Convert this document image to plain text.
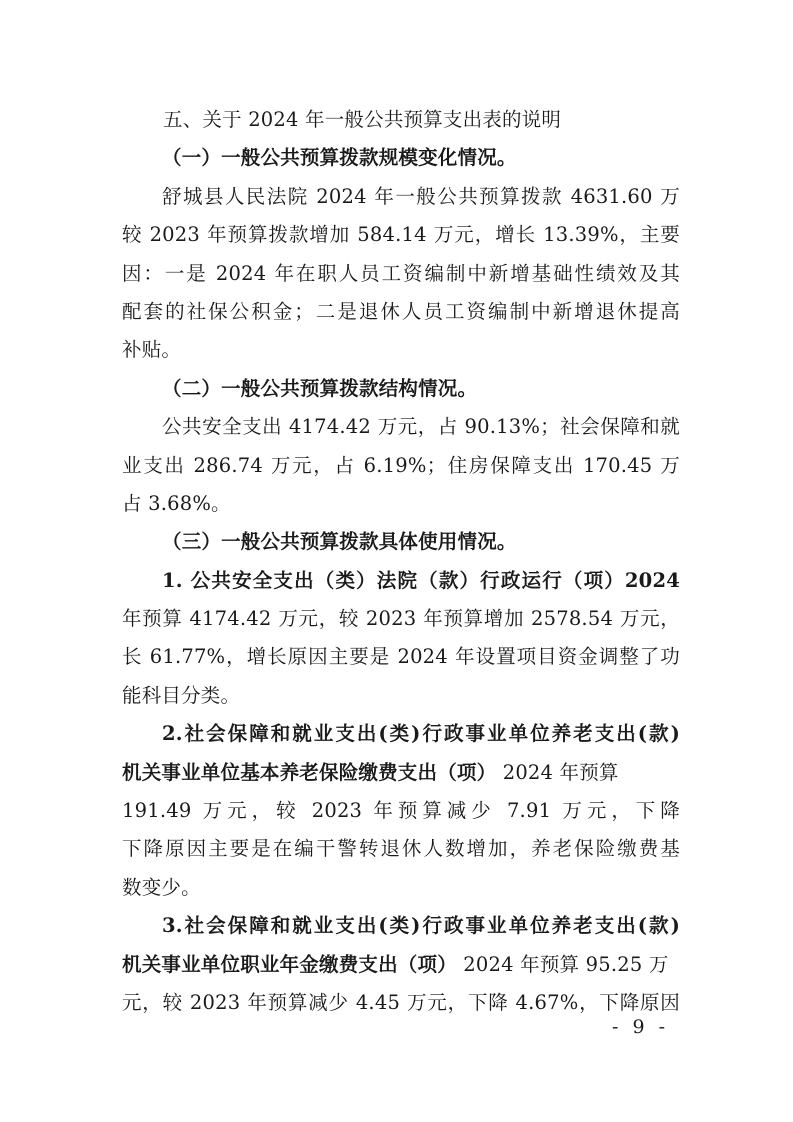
五、关于 2024 年一般公共预算支出表的说明
（一）一般公共预算拨款规模变化情况。
舒城县人民法院 2024 年一般公共预算拨款 4631.60 万
较 2023 年预算拨款增加 584.14 万元，增长 13.39%，主要
因：一是 2024 年在职人员工资编制中新增基础性绩效及其
配套的社保公积金；二是退休人员工资编制中新增退休提高
补贴。
（二）一般公共预算拨款结构情况。
公共安全支出 4174.42 万元，占 90.13%；社会保障和就
业支出 286.74 万元，占 6.19%；住房保障支出 170.45 万
占 3.68%。
（三）一般公共预算拨款具体使用情况。
1. 公共安全支出（类）法院（款）行政运行（项）2024
年预算 4174.42 万元，较 2023 年预算增加 2578.54 万元，
长 61.77%，增长原因主要是 2024 年设置项目资金调整了功
能科目分类。
2.社会保障和就业支出(类)行政事业单位养老支出(款)
机关事业单位基本养老保险缴费支出（项） 2024 年预算
191.49 万元，较 2023 年预算减少 7.91 万元，下降
下降原因主要是在编干警转退休人数增加，养老保险缴费基
数变少。
3.社会保障和就业支出(类)行政事业单位养老支出(款)
机关事业单位职业年金缴费支出（项） 2024 年预算 95.25 万
元，较 2023 年预算减少 4.45 万元，下降 4.67%，下降原因
- 9 -
